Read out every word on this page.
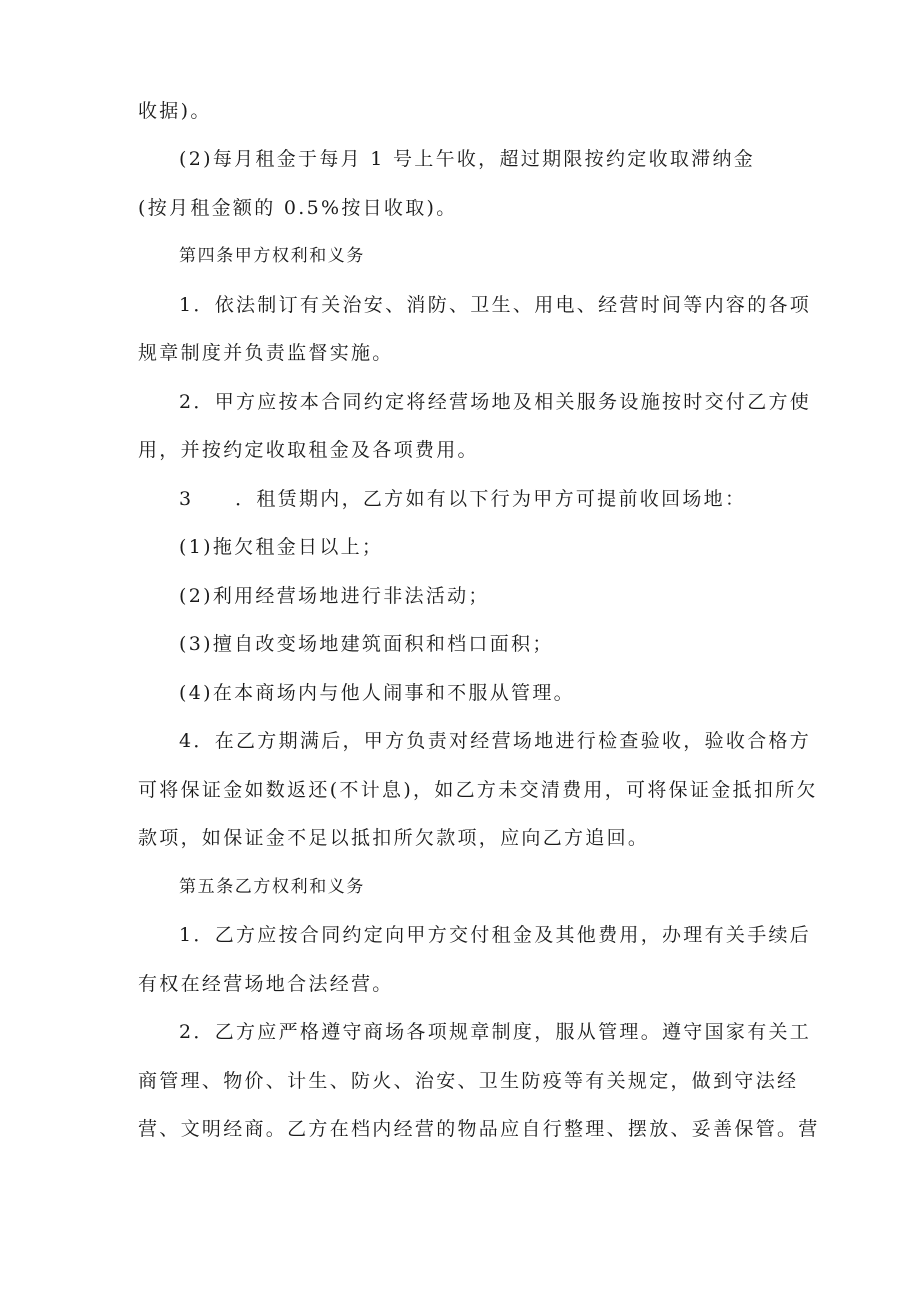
收据)。
(2)每月租金于每月 1 号上午收，超过期限按约定收取滞纳金
(按月租金额的 0.5%按日收取)。
第四条甲方权利和义务
1．依法制订有关治安、消防、卫生、用电、经营时间等内容的各项
规章制度并负责监督实施。
2．甲方应按本合同约定将经营场地及相关服务设施按时交付乙方使
用，并按约定收取租金及各项费用。
3     ．租赁期内，乙方如有以下行为甲方可提前收回场地：
(1)拖欠租金日以上；
(2)利用经营场地进行非法活动；
(3)擅自改变场地建筑面积和档口面积；
(4)在本商场内与他人闹事和不服从管理。
4．在乙方期满后，甲方负责对经营场地进行检查验收，验收合格方
可将保证金如数返还(不计息)，如乙方未交清费用，可将保证金抵扣所欠
款项，如保证金不足以抵扣所欠款项，应向乙方追回。
第五条乙方权利和义务
1．乙方应按合同约定向甲方交付租金及其他费用，办理有关手续后
有权在经营场地合法经营。
2．乙方应严格遵守商场各项规章制度，服从管理。遵守国家有关工
商管理、物价、计生、防火、治安、卫生防疫等有关规定，做到守法经
营、文明经商。乙方在档内经营的物品应自行整理、摆放、妥善保管。营
